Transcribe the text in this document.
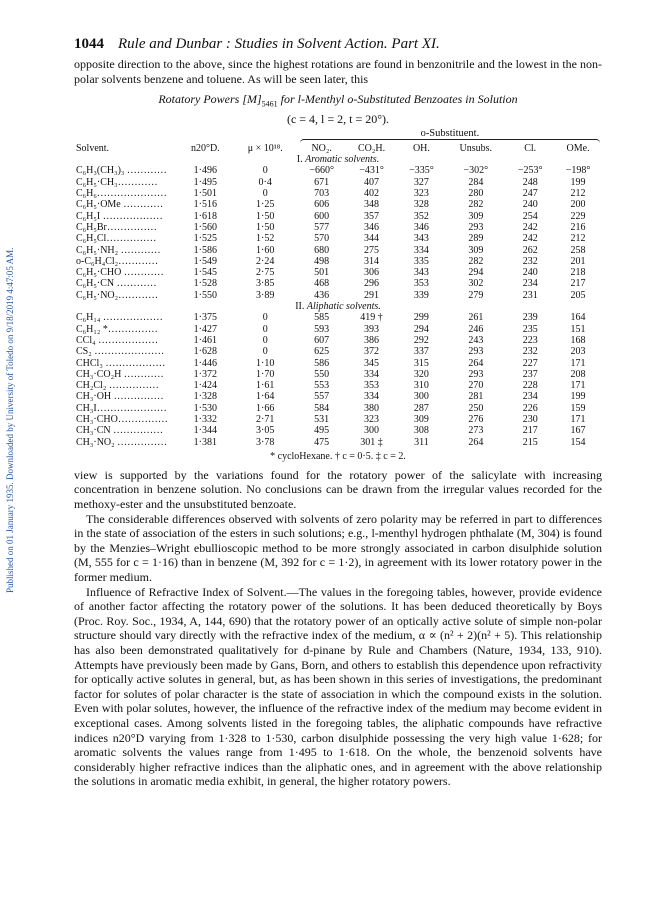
Published on 01 January 1935. Downloaded by University of Toledo on 9/18/2019 4:47:05 AM.
1044 Rule and Dunbar : Studies in Solvent Action. Part XI.

opposite direction to the above, since the highest rotations are found in benzonitrile and the lowest in the non-polar solvents benzene and toluene. As will be seen later, this

Rotatory Powers $[M]_{5461}$ for l-Menthyl o-Substituted Benzoates in Solution
(c = 4, l = 2, t = 20°).
			o-Substituent.					

Solvent.	n20°D.	μ × 10¹⁸.	NO₂.	CO₂H.	OH.	Unsubs.	Cl.	OMe.
I. Aromatic solvents.								
C₆H₃(CH₃)₃ …………	1·496	0	−660°	−431°	−335°	−302°	−253°	−198°
C₆H₅·CH₃…………	1·495	0·4	671	407	327	284	248	199
C₆H₆…………………	1·501	0	703	402	323	280	247	212
C₆H₅·OMe …………	1·516	1·25	606	348	328	282	240	200
C₆H₅I ………………	1·618	1·50	600	357	352	309	254	229
C₆H₅Br……………	1·560	1·50	577	346	346	293	242	216
C₆H₅Cl……………	1·525	1·52	570	344	343	289	242	212
C₆H₅·NH₂ …………	1·586	1·60	680	275	334	309	262	258
o-C₆H₄Cl₂…………	1·549	2·24	498	314	335	282	232	201
C₆H₅·CHO …………	1·545	2·75	501	306	343	294	240	218
C₆H₅·CN …………	1·528	3·85	468	296	353	302	234	217
C₆H₅·NO₂…………	1·550	3·89	436	291	339	279	231	205
II. Aliphatic solvents.								
C₆H₁₄ ………………	1·375	0	585	419 †	299	261	239	164
C₆H₁₂ *……………	1·427	0	593	393	294	246	235	151
CCl₄ ………………	1·461	0	607	386	292	243	223	168
CS₂ …………………	1·628	0	625	372	337	293	232	203
CHCl₃ ………………	1·446	1·10	586	345	315	264	227	171
CH₃·CO₂H …………	1·372	1·70	550	334	320	293	237	208
CH₂Cl₂ ……………	1·424	1·61	553	353	310	270	228	171
CH₃·OH ……………	1·328	1·64	557	334	300	281	234	199
CH₃I…………………	1·530	1·66	584	380	287	250	226	159
CH₃·CHO……………	1·332	2·71	531	323	309	276	230	171
CH₃·CN ……………	1·344	3·05	495	300	308	273	217	167
CH₃·NO₂ ……………	1·381	3·78	475	301 ‡	311	264	215	154
* cycloHexane. † c = 0·5. ‡ c = 2.

view is supported by the variations found for the rotatory power of the salicylate with increasing concentration in benzene solution. No conclusions can be drawn from the irregular values recorded for the methoxy-ester and the unsubstituted benzoate.

The considerable differences observed with solvents of zero polarity may be referred in part to differences in the state of association of the esters in such solutions; e.g., l-menthyl hydrogen phthalate (M, 304) is found by the Menzies–Wright ebullioscopic method to be more strongly associated in carbon disulphide solution (M, 555 for c = 1·16) than in benzene (M, 392 for c = 1·2), in agreement with its lower rotatory power in the former medium.

Influence of Refractive Index of Solvent.—The values in the foregoing tables, however, provide evidence of another factor affecting the rotatory power of the solutions. It has been deduced theoretically by Boys (Proc. Roy. Soc., 1934, A, 144, 690) that the rotatory power of an optically active solute of simple non-polar structure should vary directly with the refractive index of the medium, α ∝ (n² + 2)(n² + 5). This relationship has also been demonstrated qualitatively for d-pinane by Rule and Chambers (Nature, 1934, 133, 910). Attempts have previously been made by Gans, Born, and others to establish this dependence upon refractivity for optically active solutes in general, but, as has been shown in this series of investigations, the predominant factor for solutes of polar character is the state of association in which the compound exists in the solution. Even with polar solutes, however, the influence of the refractive index of the medium may become evident in exceptional cases. Among solvents listed in the foregoing tables, the aliphatic compounds have refractive indices n20°D varying from 1·328 to 1·530, carbon disulphide possessing the very high value 1·628; for aromatic solvents the values range from 1·495 to 1·618. On the whole, the benzenoid solvents have considerably higher refractive indices than the aliphatic ones, and in agreement with the above relationship the solutions in aromatic media exhibit, in general, the higher rotatory powers.
